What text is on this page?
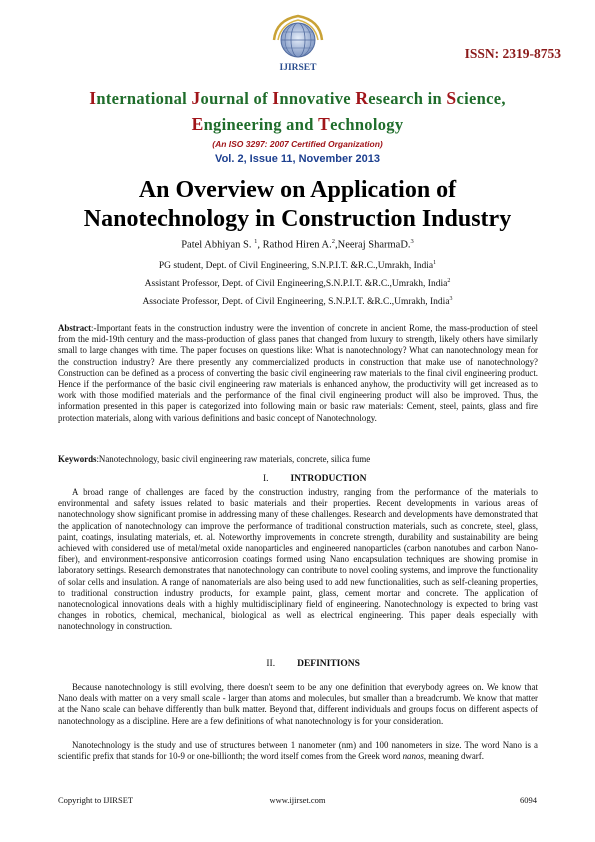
IJIRSET
ISSN: 2319-8753
International Journal of Innovative Research in Science,
Engineering and Technology
(An ISO 3297: 2007 Certified Organization)
Vol. 2, Issue 11, November 2013
An Overview on Application of
Nanotechnology in Construction Industry
Patel Abhiyan S. $^1$, Rathod Hiren A.$^2$,Neeraj SharmaD.$^3$
PG student, Dept. of Civil Engineering, S.N.P.I.T. &R.C.,Umrakh, India$^1$
Assistant Professor, Dept. of Civil Engineering,S.N.P.I.T. &R.C.,Umrakh, India$^2$
Associate Professor, Dept. of Civil Engineering, S.N.P.I.T. &R.C.,Umrakh, India$^3$
Abstract:-Important feats in the construction industry were the invention of concrete in ancient Rome, the mass-production of steel from the mid-19th century and the mass-production of glass panes that changed from luxury to strength, likely others have similarly small to large changes with time. The paper focuses on questions like: What is nanotechnology? What can nanotechnology mean for the construction industry? Are there presently any commercialized products in construction that make use of nanotechnology? Construction can be defined as a process of converting the basic civil engineering raw materials to the final civil engineering product. Hence if the performance of the basic civil engineering raw materials is enhanced anyhow, the productivity will get increased as to work with those modified materials and the performance of the final civil engineering product will also be improved. Thus, the information presented in this paper is categorized into following main or basic raw materials: Cement, steel, paints, glass and fire protection materials, along with various definitions and basic concept of Nanotechnology.
Keywords:Nanotechnology, basic civil engineering raw materials, concrete, silica fume
I. INTRODUCTION
A broad range of challenges are faced by the construction industry, ranging from the performance of the materials to environmental and safety issues related to basic materials and their properties. Recent developments in various areas of nanotechnology show significant promise in addressing many of these challenges. Research and developments have demonstrated that the application of nanotechnology can improve the performance of traditional construction materials, such as concrete, steel, glass, paint, coatings, insulating materials, et. al. Noteworthy improvements in concrete strength, durability and sustainability are being achieved with considered use of metal/metal oxide nanoparticles and engineered nanoparticles (carbon nanotubes and carbon Nano-fiber), and environment-responsive anticorrosion coatings formed using Nano encapsulation techniques are showing promise in laboratory settings. Research demonstrates that nanotechnology can contribute to novel cooling systems, and improve the functionality of solar cells and insulation. A range of nanomaterials are also being used to add new functionalities, such as self-cleaning properties, to traditional construction industry products, for example paint, glass, cement mortar and concrete. The application of nanotecnological innovations deals with a highly multidisciplinary field of engineering. Nanotechnology is expected to bring vast changes in robotics, chemical, mechanical, biological as well as electrical engineering. This paper deals especially with nanotechnology in construction.
II. DEFINITIONS
Because nanotechnology is still evolving, there doesn't seem to be any one definition that everybody agrees on. We know that Nano deals with matter on a very small scale - larger than atoms and molecules, but smaller than a breadcrumb. We know that matter at the Nano scale can behave differently than bulk matter. Beyond that, different individuals and groups focus on different aspects of nanotechnology as a discipline. Here are a few definitions of what nanotechnology is for your consideration.
Nanotechnology is the study and use of structures between 1 nanometer (nm) and 100 nanometers in size. The word Nano is a scientific prefix that stands for 10-9 or one-billionth; the word itself comes from the Greek word nanos, meaning dwarf.
Copyright to IJIRSET	www.ijirset.com	6094
